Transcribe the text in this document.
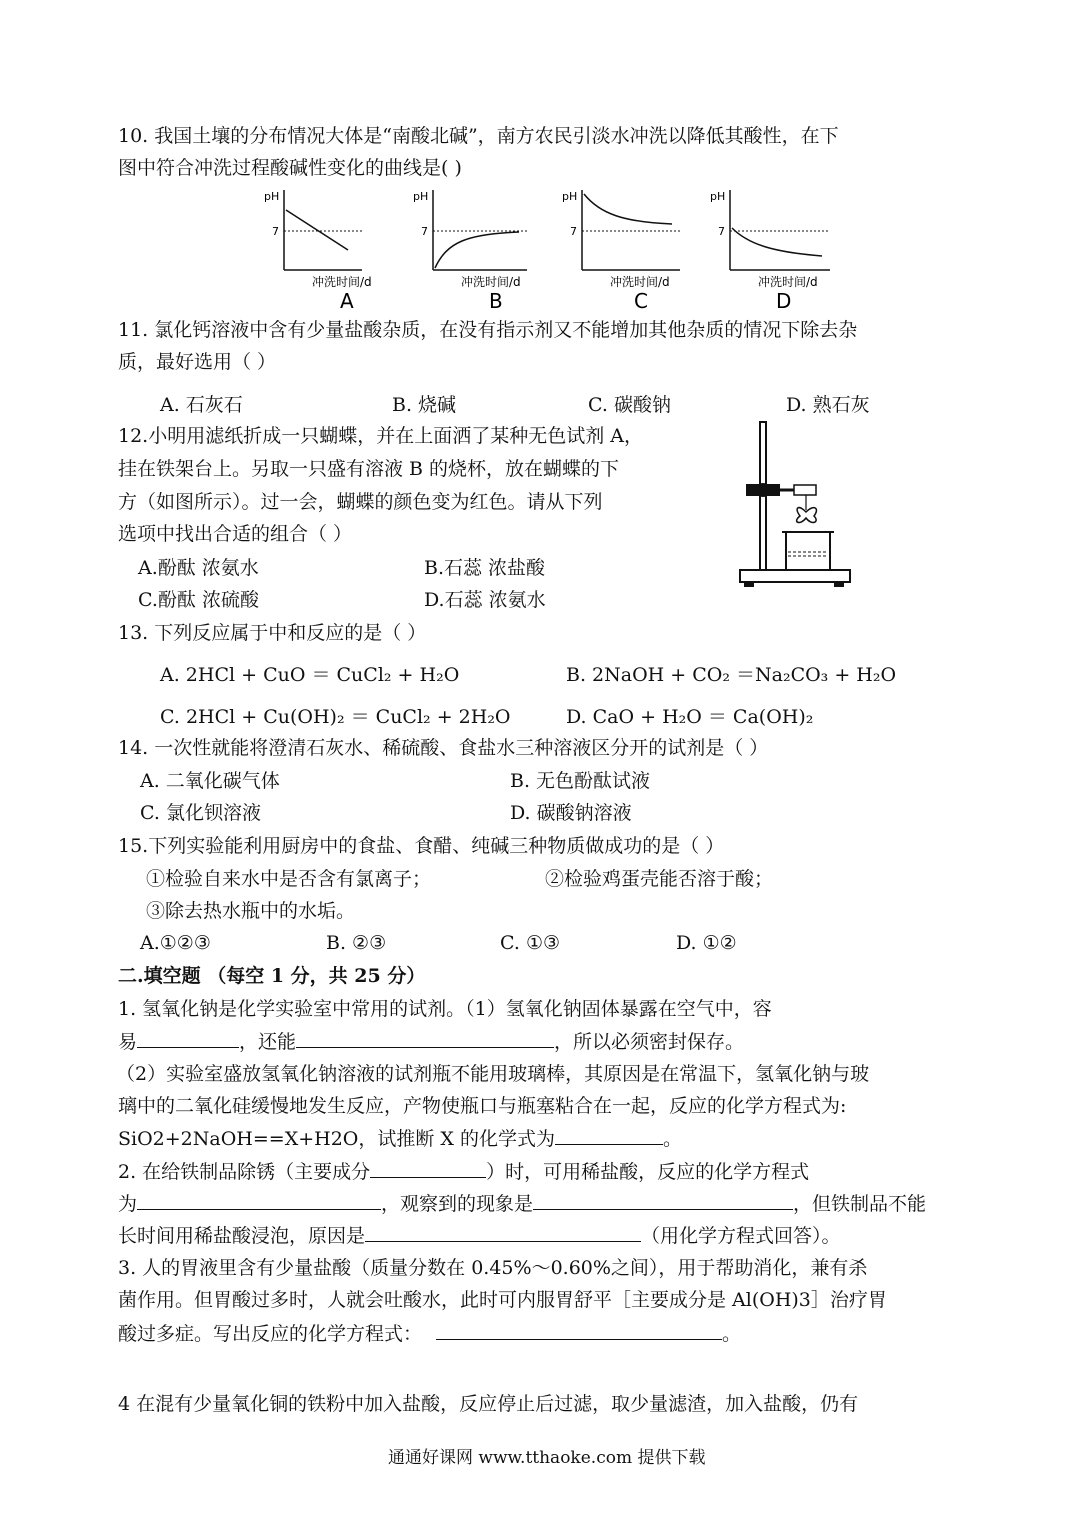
10. 我国土壤的分布情况大体是“南酸北碱”，南方农民引淡水冲洗以降低其酸性，在下
图中符合冲洗过程酸碱性变化的曲线是( )
pH
7
冲洗时间/d
A
pH
7
冲洗时间/d
B
pH
7
冲洗时间/d
C
pH
7
冲洗时间/d
D
11. 氯化钙溶液中含有少量盐酸杂质，在没有指示剂又不能增加其他杂质的情况下除去杂
质，最好选用（ ）
A. 石灰石	B. 烧碱	C. 碳酸钠	D. 熟石灰
12.小明用滤纸折成一只蝴蝶，并在上面洒了某种无色试剂 A，
挂在铁架台上。另取一只盛有溶液 B 的烧杯，放在蝴蝶的下
方（如图所示）。过一会，蝴蝶的颜色变为红色。请从下列
选项中找出合适的组合（ ）
A.酚酞 浓氨水	B.石蕊 浓盐酸
C.酚酞 浓硫酸	D.石蕊 浓氨水
13. 下列反应属于中和反应的是（ ）
A. 2HCl + CuO ＝ CuCl₂ + H₂O	B. 2NaOH + CO₂ ＝Na₂CO₃ + H₂O
C. 2HCl + Cu(OH)₂ ＝ CuCl₂ + 2H₂O	D. CaO + H₂O ＝ Ca(OH)₂
14. 一次性就能将澄清石灰水、稀硫酸、食盐水三种溶液区分开的试剂是（ ）
A. 二氧化碳气体	B. 无色酚酞试液
C. 氯化钡溶液	D. 碳酸钠溶液
15.下列实验能利用厨房中的食盐、食醋、纯碱三种物质做成功的是（ ）
①检验自来水中是否含有氯离子；	②检验鸡蛋壳能否溶于酸；
③除去热水瓶中的水垢。
A.①②③	B. ②③	C. ①③	D. ①②
二.填空题 （每空 1 分，共 25 分）
1. 氢氧化钠是化学实验室中常用的试剂。（1）氢氧化钠固体暴露在空气中，容
易	，还能	，所以必须密封保存。
（2）实验室盛放氢氧化钠溶液的试剂瓶不能用玻璃棒，其原因是在常温下，氢氧化钠与玻
璃中的二氧化硅缓慢地发生反应，产物使瓶口与瓶塞粘合在一起，反应的化学方程式为:
SiO2+2NaOH==X+H2O，试推断 X 的化学式为	。
2. 在给铁制品除锈（主要成分	）时，可用稀盐酸，反应的化学方程式
为	，观察到的现象是	，但铁制品不能
长时间用稀盐酸浸泡，原因是	（用化学方程式回答）。
3. 人的胃液里含有少量盐酸（质量分数在 0.45%～0.60%之间），用于帮助消化，兼有杀
菌作用。但胃酸过多时，人就会吐酸水，此时可内服胃舒平［主要成分是 Al(OH)3］治疗胃
酸过多症。写出反应的化学方程式：	。
4 在混有少量氧化铜的铁粉中加入盐酸，反应停止后过滤，取少量滤渣，加入盐酸，仍有
通通好课网 www.tthaoke.com 提供下载
